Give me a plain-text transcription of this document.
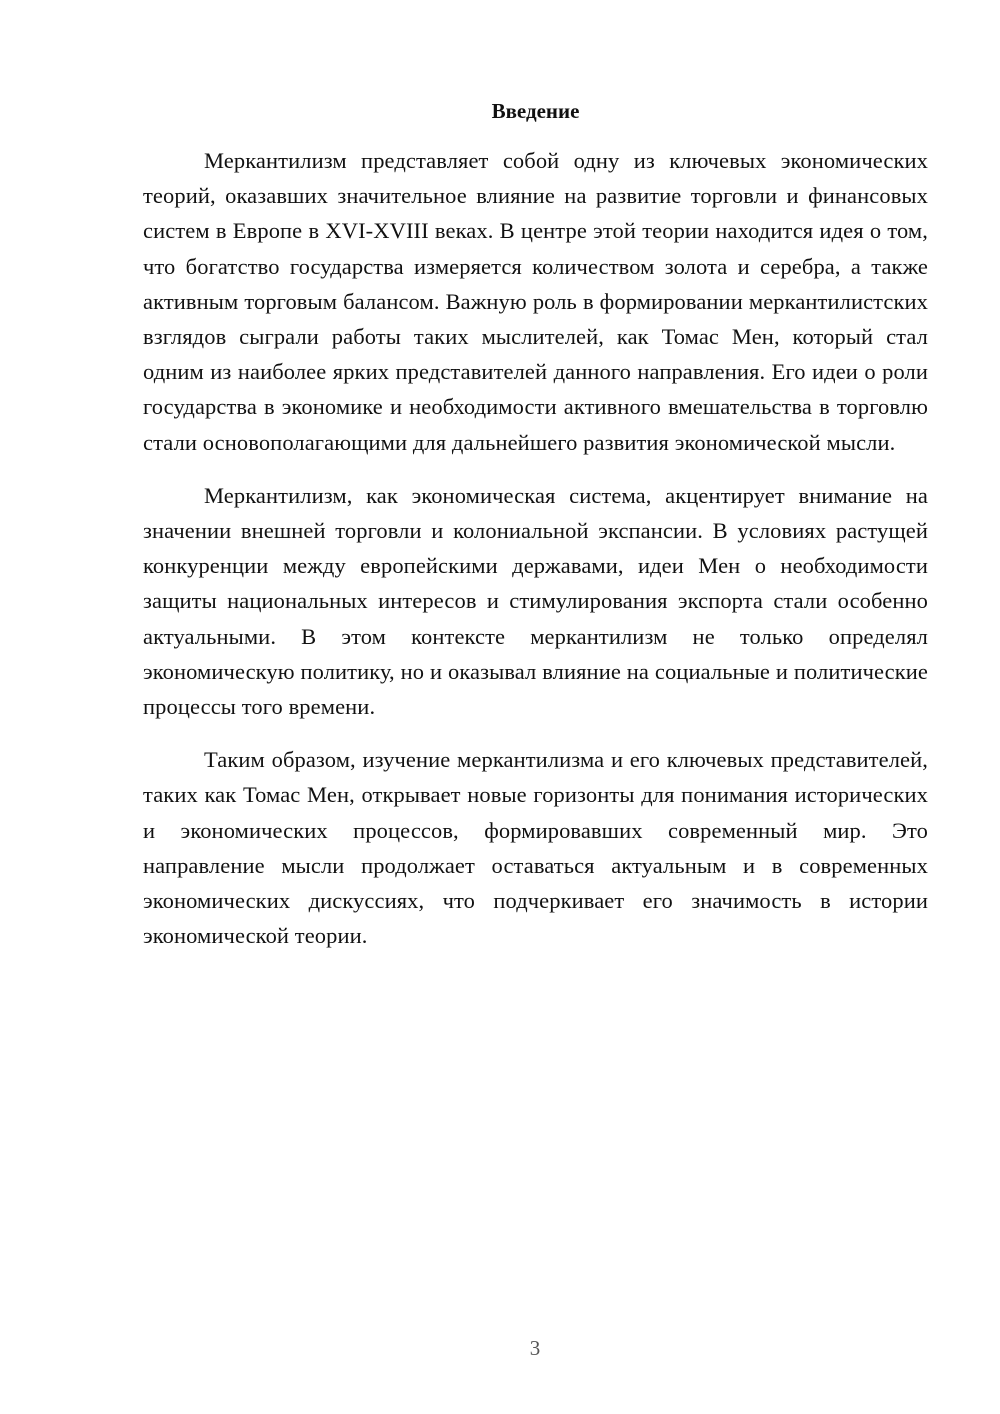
Введение

Меркантилизм представляет собой одну из ключевых экономических теорий, оказавших значительное влияние на развитие торговли и финансовых систем в Европе в XVI-XVIII веках. В центре этой теории находится идея о том, что богатство государства измеряется количеством золота и серебра, а также активным торговым балансом. Важную роль в формировании меркантилистских взглядов сыграли работы таких мыслителей, как Томас Мен, который стал одним из наиболее ярких представителей данного направления. Его идеи о роли государства в экономике и необходимости активного вмешательства в торговлю стали основополагающими для дальнейшего развития экономической мысли.

Меркантилизм, как экономическая система, акцентирует внимание на значении внешней торговли и колониальной экспансии. В условиях растущей конкуренции между европейскими державами, идеи Мен о необходимости защиты национальных интересов и стимулирования экспорта стали особенно актуальными. В этом контексте меркантилизм не только определял экономическую политику, но и оказывал влияние на социальные и политические процессы того времени.

Таким образом, изучение меркантилизма и его ключевых представителей, таких как Томас Мен, открывает новые горизонты для понимания исторических и экономических процессов, формировавших современный мир. Это направление мысли продолжает оставаться актуальным и в современных экономических дискуссиях, что подчеркивает его значимость в истории экономической теории.

3
